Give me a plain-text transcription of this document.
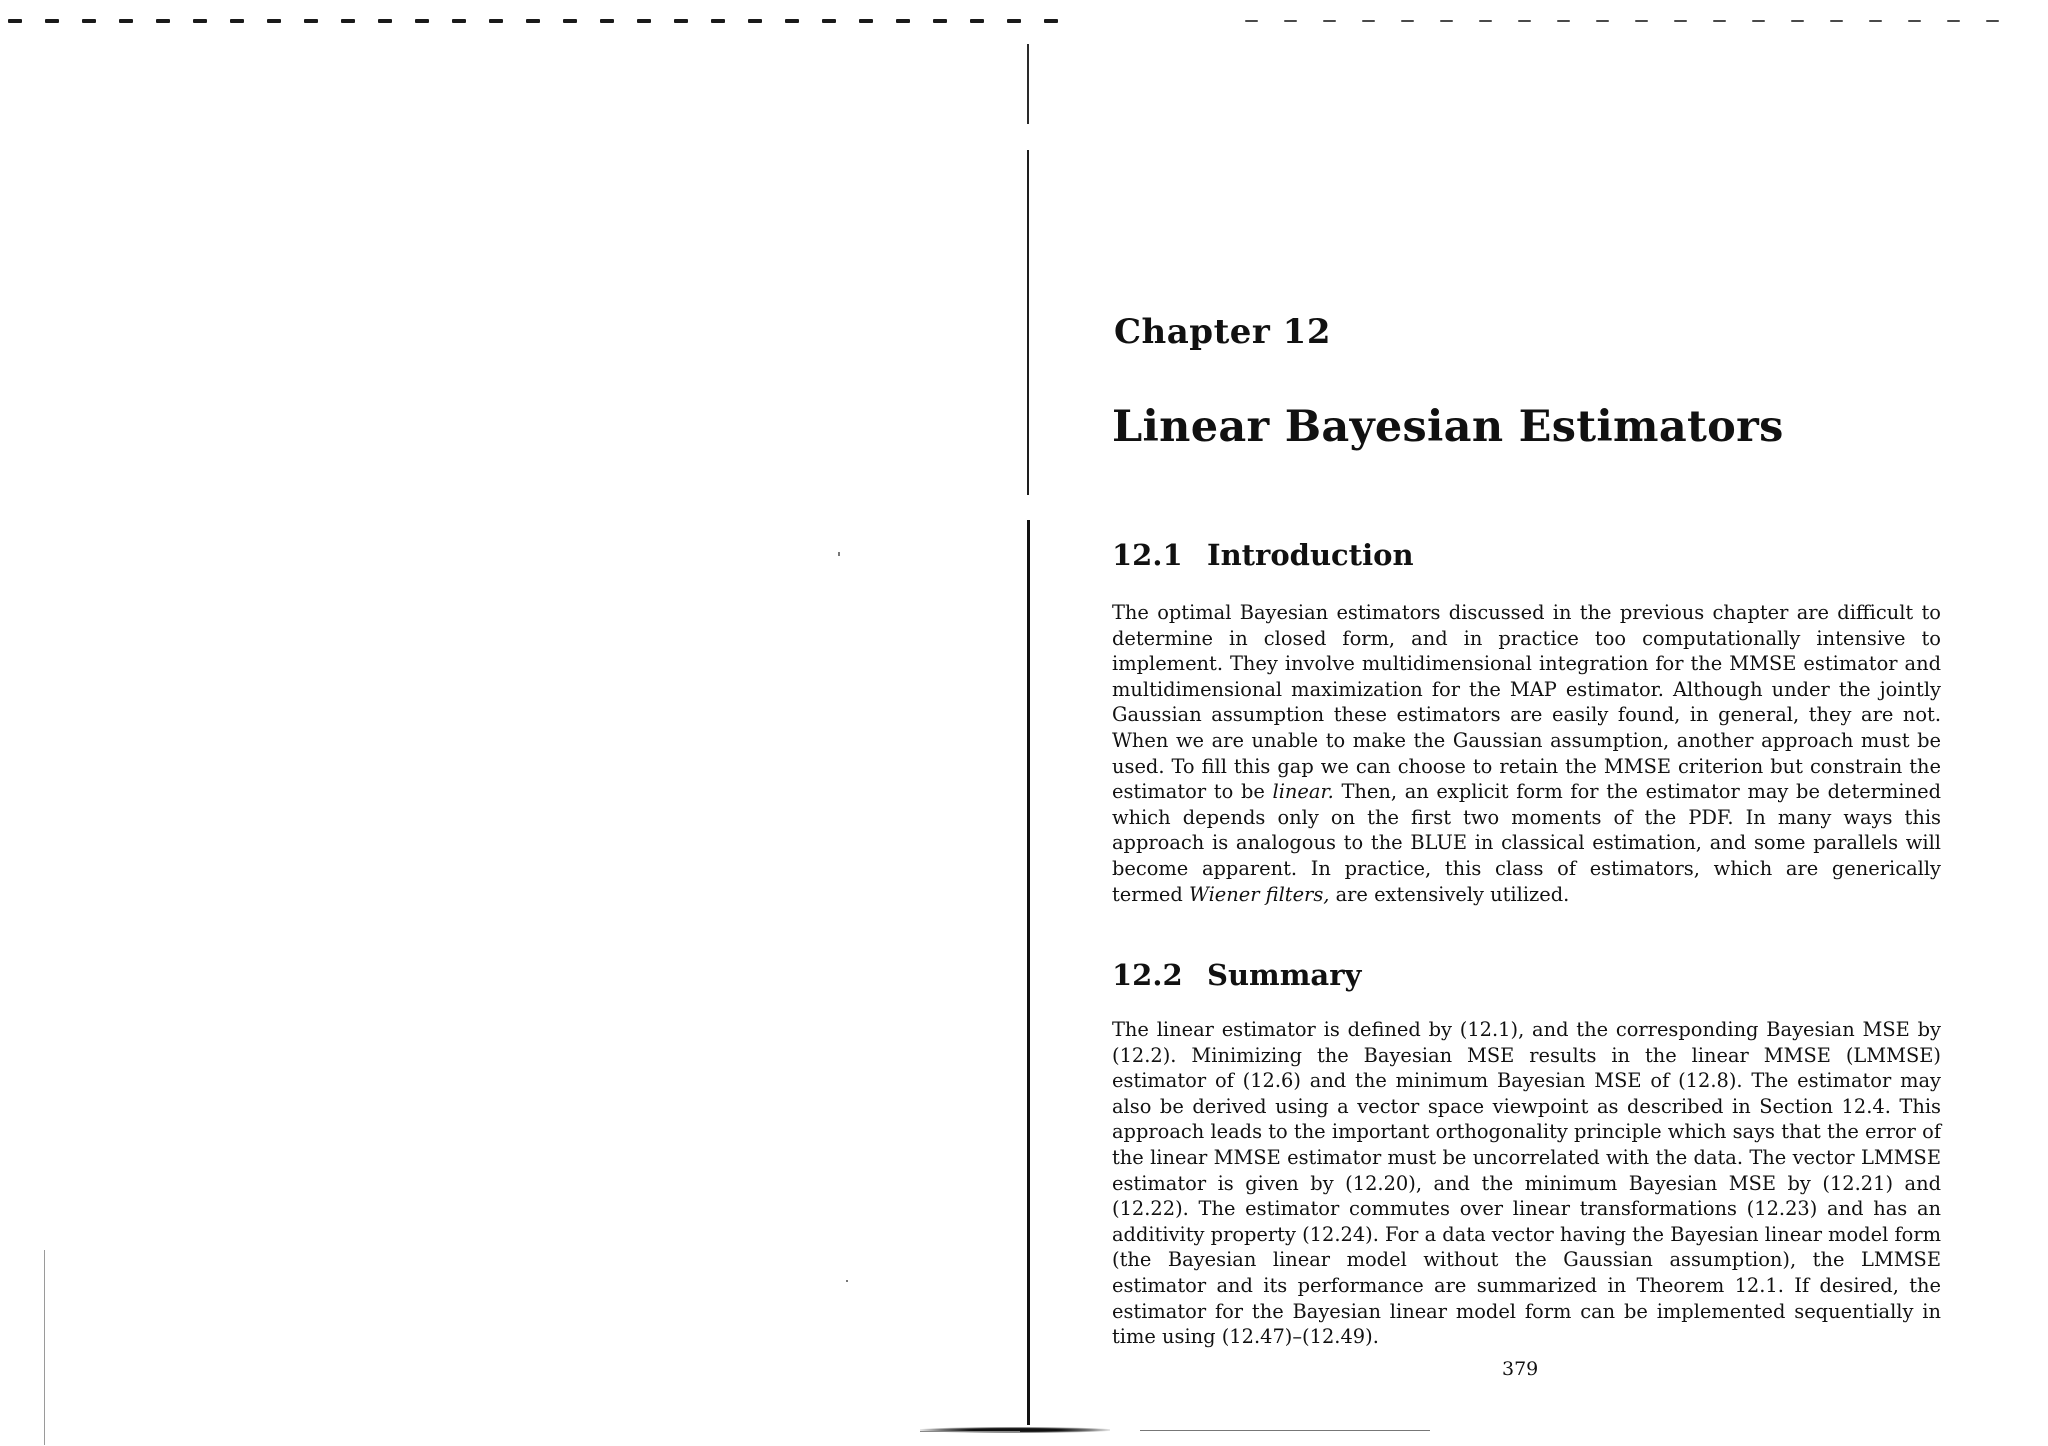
Chapter 12
Linear Bayesian Estimators
12.1 Introduction
The optimal Bayesian estimators discussed in the previous chapter are difficult to determine in closed form, and in practice too computationally intensive to implement. They involve multidimensional integration for the MMSE estimator and multidimensional maximization for the MAP estimator. Although under the jointly Gaussian assumption these estimators are easily found, in general, they are not. When we are unable to make the Gaussian assumption, another approach must be used. To fill this gap we can choose to retain the MMSE criterion but constrain the estimator to be linear. Then, an explicit form for the estimator may be determined which depends only on the first two moments of the PDF. In many ways this approach is analogous to the BLUE in classical estimation, and some parallels will become apparent. In practice, this class of estimators, which are generically termed Wiener filters, are extensively utilized.
12.2 Summary
The linear estimator is defined by (12.1), and the corresponding Bayesian MSE by (12.2). Minimizing the Bayesian MSE results in the linear MMSE (LMMSE) estimator of (12.6) and the minimum Bayesian MSE of (12.8). The estimator may also be derived using a vector space viewpoint as described in Section 12.4. This approach leads to the important orthogonality principle which says that the error of the linear MMSE estimator must be uncorrelated with the data. The vector LMMSE estimator is given by (12.20), and the minimum Bayesian MSE by (12.21) and (12.22). The estimator commutes over linear transformations (12.23) and has an additivity property (12.24). For a data vector having the Bayesian linear model form (the Bayesian linear model without the Gaussian assumption), the LMMSE estimator and its performance are summarized in Theorem 12.1. If desired, the estimator for the Bayesian linear model form can be implemented sequentially in time using (12.47)–(12.49).
379
